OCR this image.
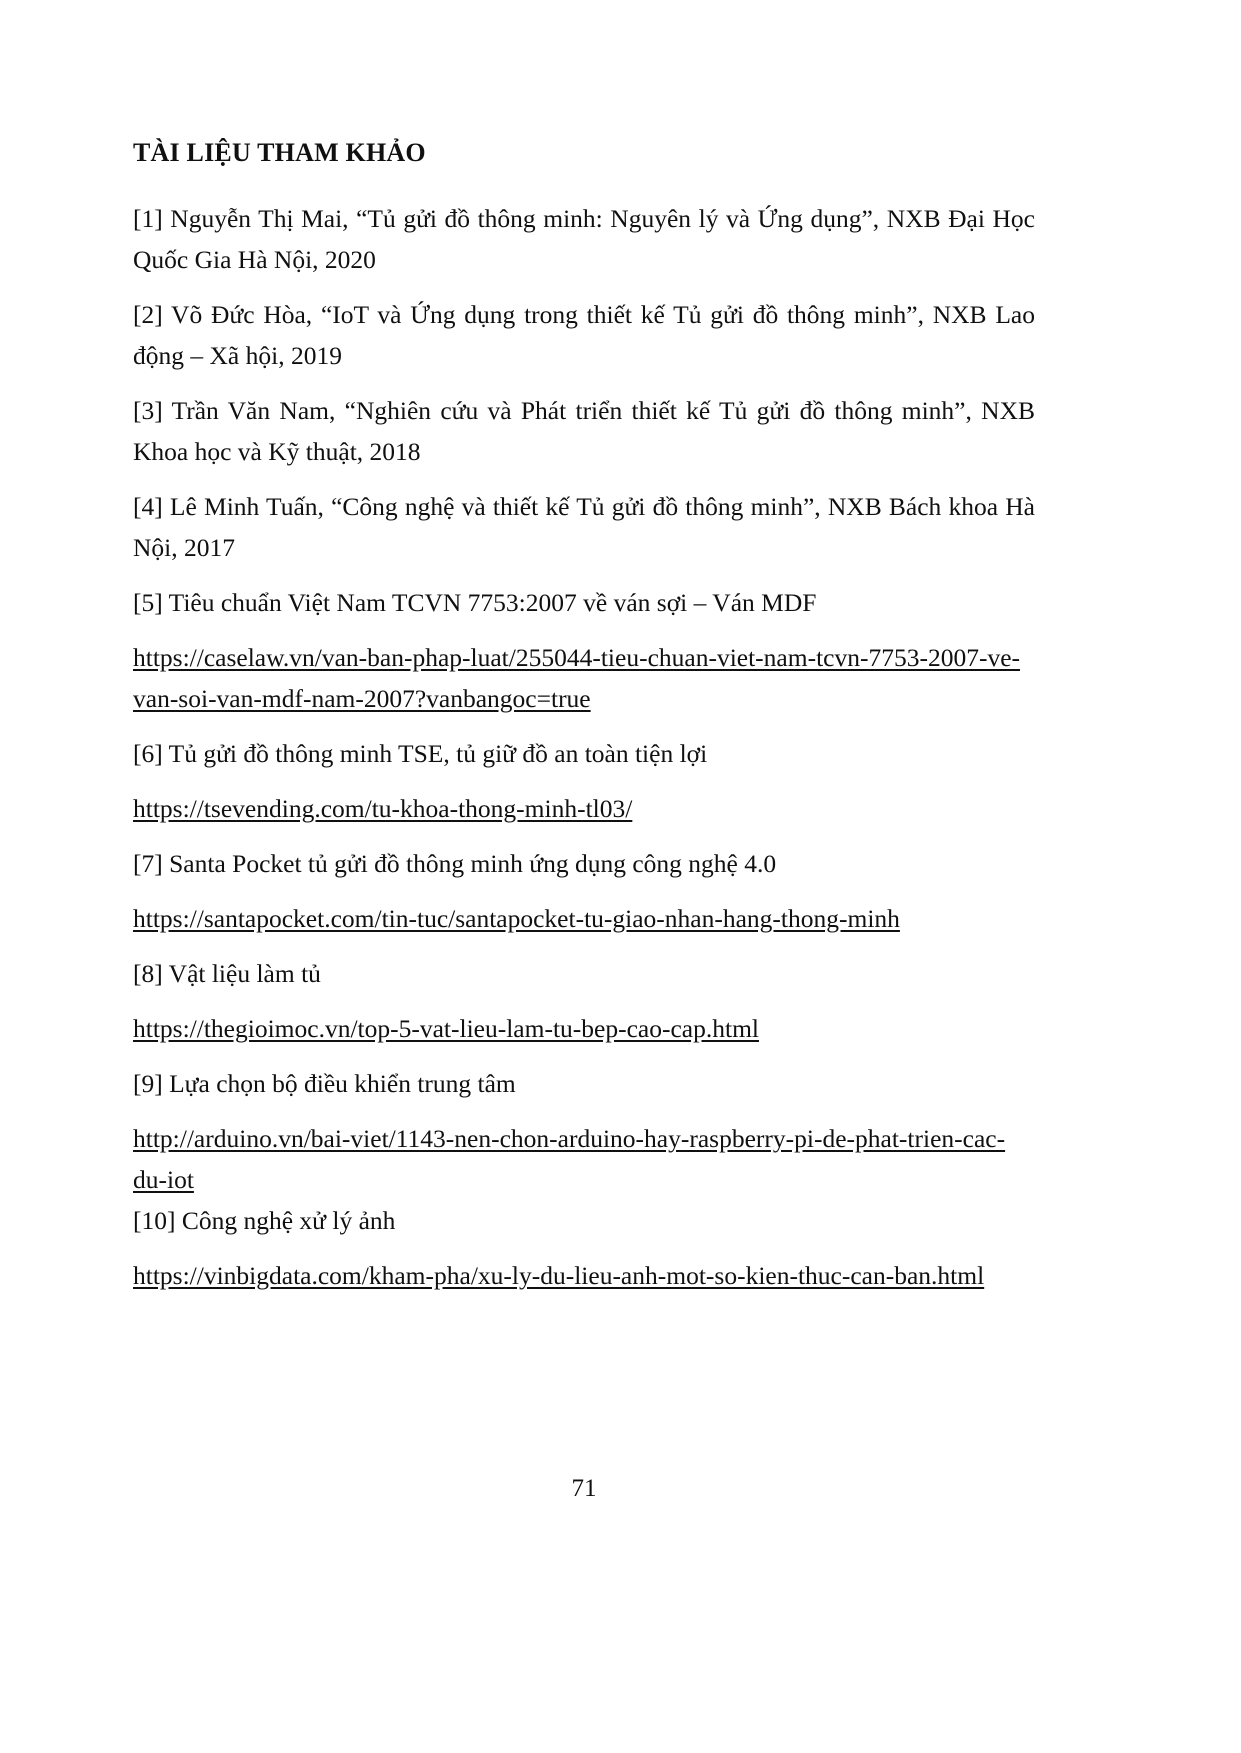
TÀI LIỆU THAM KHẢO

[1] Nguyễn Thị Mai, “Tủ gửi đồ thông minh: Nguyên lý và Ứng dụng”, NXB Đại Học Quốc Gia Hà Nội, 2020

[2] Võ Đức Hòa, “IoT và Ứng dụng trong thiết kế Tủ gửi đồ thông minh”, NXB Lao động – Xã hội, 2019

[3] Trần Văn Nam, “Nghiên cứu và Phát triển thiết kế Tủ gửi đồ thông minh”, NXB Khoa học và Kỹ thuật, 2018

[4] Lê Minh Tuấn, “Công nghệ và thiết kế Tủ gửi đồ thông minh”, NXB Bách khoa Hà Nội, 2017

[5] Tiêu chuẩn Việt Nam TCVN 7753:2007 về ván sợi – Ván MDF

https://caselaw.vn/van-ban-phap-luat/255044-tieu-chuan-viet-nam-tcvn-7753-2007-ve-van-soi-van-mdf-nam-2007?vanbangoc=true

[6] Tủ gửi đồ thông minh TSE, tủ giữ đồ an toàn tiện lợi

https://tsevending.com/tu-khoa-thong-minh-tl03/

[7] Santa Pocket tủ gửi đồ thông minh ứng dụng công nghệ 4.0

https://santapocket.com/tin-tuc/santapocket-tu-giao-nhan-hang-thong-minh

[8] Vật liệu làm tủ

https://thegioimoc.vn/top-5-vat-lieu-lam-tu-bep-cao-cap.html

[9] Lựa chọn bộ điều khiển trung tâm

http://arduino.vn/bai-viet/1143-nen-chon-arduino-hay-raspberry-pi-de-phat-trien-cac-du-iot

[10] Công nghệ xử lý ảnh

https://vinbigdata.com/kham-pha/xu-ly-du-lieu-anh-mot-so-kien-thuc-can-ban.html

71
